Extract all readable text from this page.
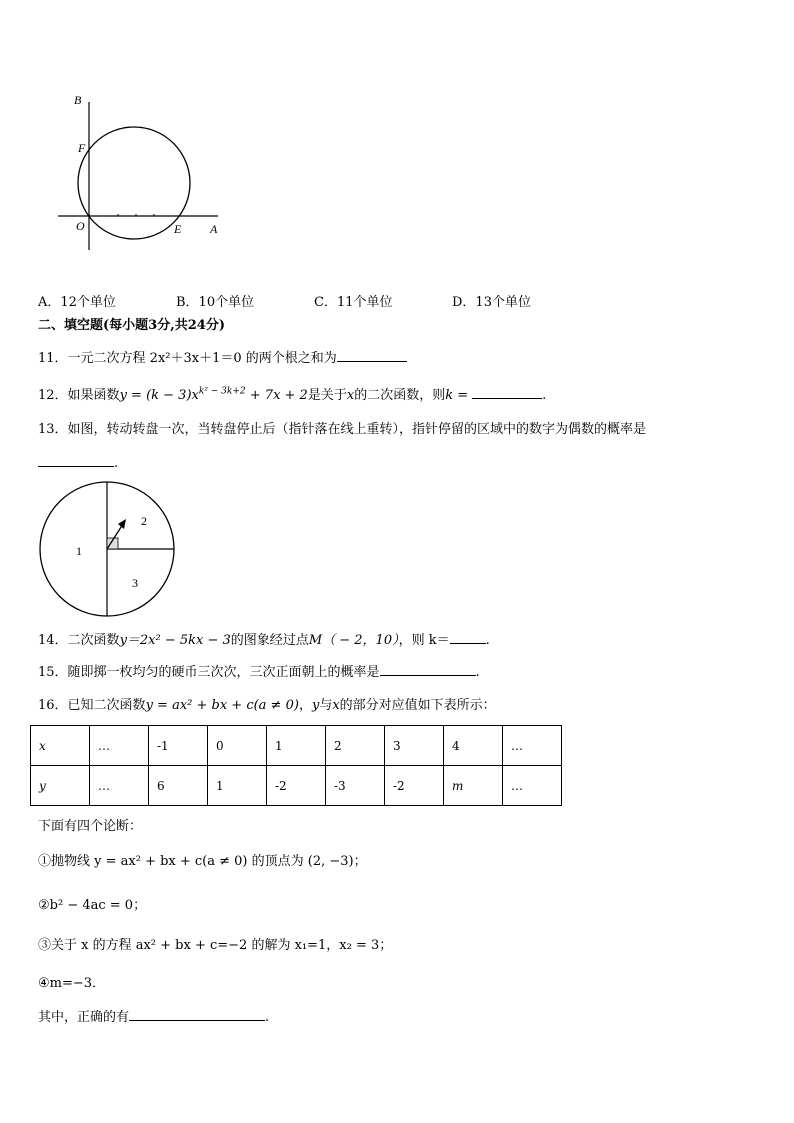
B
F
O	E A
A．12个单位	B．10个单位	C．11个单位	D．13个单位
二、填空题(每小题3分,共24分)
11．一元二次方程 2x²＋3x＋1＝0 的两个根之和为
12．如果函数$y = (k - 3)x^{k^2 - 3k+2} + 7x + 2$是关于x的二次函数，则k =	.
13．如图，转动转盘一次，当转盘停止后（指针落在线上重转），指针停留的区域中的数字为偶数的概率是
.
1
2
3
14．二次函数y＝2x² − 5kx − 3的图象经过点M（ − 2，10），则 k＝	.
15．随即掷一枚均匀的硬币三次次，三次正面朝上的概率是	.
16．已知二次函数y = ax² + bx + c(a ≠ 0)，y与x的部分对应值如下表所示：
x	…	-1	0	1	2	3	4	…
y	…	6	1	-2	-3	-2	m	…
下面有四个论断：
①抛物线 y = ax² + bx + c(a ≠ 0) 的顶点为 (2, −3)；
②b² − 4ac = 0；
③关于 x 的方程 ax² + bx + c=−2 的解为 x₁=1，x₂ = 3；
④m=−3．
其中，正确的有	.
